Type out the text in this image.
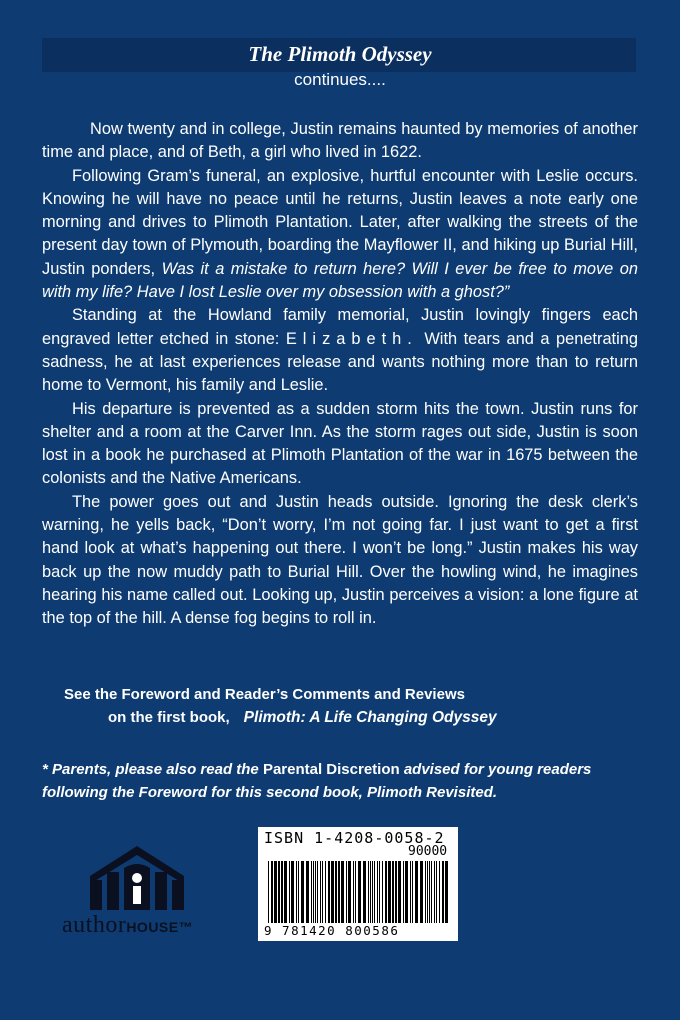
The Plimoth Odyssey
continues....

Now twenty and in college, Justin remains haunted by memories of another time and place, and of Beth, a girl who lived in 1622.

Following Gram’s funeral, an explosive, hurtful encounter with Leslie occurs. Knowing he will have no peace until he returns, Justin leaves a note early one morning and drives to Plimoth Plantation. Later, after walking the streets of the present day town of Plymouth, boarding the Mayflower II, and hiking up Burial Hill, Justin ponders, Was it a mistake to return here? Will I ever be free to move on with my life? Have I lost Leslie over my obsession with a ghost?”

Standing at the Howland family memorial, Justin lovingly fingers each engraved letter etched in stone: Elizabeth. With tears and a penetrating sadness, he at last experiences release and wants nothing more than to return home to Vermont, his family and Leslie.

His departure is prevented as a sudden storm hits the town. Justin runs for shelter and a room at the Carver Inn. As the storm rages out side, Justin is soon lost in a book he purchased at Plimoth Plantation of the war in 1675 between the colonists and the Native Americans.

The power goes out and Justin heads outside. Ignoring the desk clerk’s warning, he yells back, “Don’t worry, I’m not going far. I just want to get a first hand look at what’s happening out there. I won’t be long.” Justin makes his way back up the now muddy path to Burial Hill. Over the howling wind, he imagines hearing his name called out. Looking up, Justin perceives a vision: a lone figure at the top of the hill. A dense fog begins to roll in.

See the Foreword and Reader’s Comments and Reviews
on the first book, Plimoth: A Life Changing Odyssey
* Parents, please also read the Parental Discretion advised for young readers following the Foreword for this second book, Plimoth Revisited.
authorHOUSE™
ISBN 1-4208-0058-2
90000
9 781420 800586
